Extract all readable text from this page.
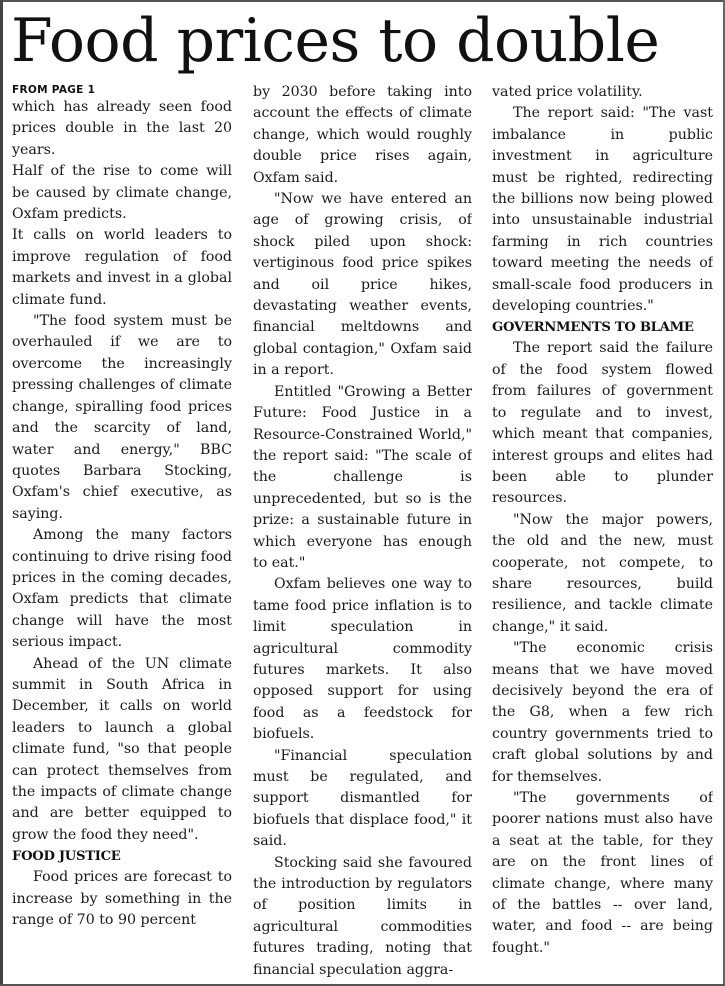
Food prices to double
FROM PAGE 1

which has already seen food prices double in the last 20 years.

Half of the rise to come will be caused by climate change, Oxfam predicts.

It calls on world leaders to improve regulation of food markets and invest in a global climate fund.

"The food system must be overhauled if we are to overcome the increasingly pressing challenges of climate change, spiralling food prices and the scarcity of land, water and energy," BBC quotes Barbara Stocking, Oxfam's chief executive, as saying.

Among the many factors continuing to drive rising food prices in the coming decades, Oxfam predicts that climate change will have the most serious impact.

Ahead of the UN climate summit in South Africa in December, it calls on world leaders to launch a global climate fund, "so that people can protect themselves from the impacts of climate change and are better equipped to grow the food they need".

FOOD JUSTICE

Food prices are forecast to increase by something in the range of 70 to 90 percent

by 2030 before taking into account the effects of climate change, which would roughly double price rises again, Oxfam said.

"Now we have entered an age of growing crisis, of shock piled upon shock: vertiginous food price spikes and oil price hikes, devastating weather events, financial meltdowns and global contagion," Oxfam said in a report.

Entitled "Growing a Better Future: Food Justice in a Resource-Constrained World," the report said: "The scale of the challenge is unprecedented, but so is the prize: a sustainable future in which everyone has enough to eat."

Oxfam believes one way to tame food price inflation is to limit speculation in agricultural commodity futures markets. It also opposed support for using food as a feedstock for biofuels.

"Financial speculation must be regulated, and support dismantled for biofuels that displace food," it said.

Stocking said she favoured the introduction by regulators of position limits in agricultural commodities futures trading, noting that financial speculation aggra-

vated price volatility.

The report said: "The vast imbalance in public investment in agriculture must be righted, redirecting the billions now being plowed into unsustainable industrial farming in rich countries toward meeting the needs of small-scale food producers in developing countries."

GOVERNMENTS TO BLAME

The report said the failure of the food system flowed from failures of government to regulate and to invest, which meant that companies, interest groups and elites had been able to plunder resources.

"Now the major powers, the old and the new, must cooperate, not compete, to share resources, build resilience, and tackle climate change," it said.

"The economic crisis means that we have moved decisively beyond the era of the G8, when a few rich country governments tried to craft global solutions by and for themselves.

"The governments of poorer nations must also have a seat at the table, for they are on the front lines of climate change, where many of the battles -- over land, water, and food -- are being fought."
